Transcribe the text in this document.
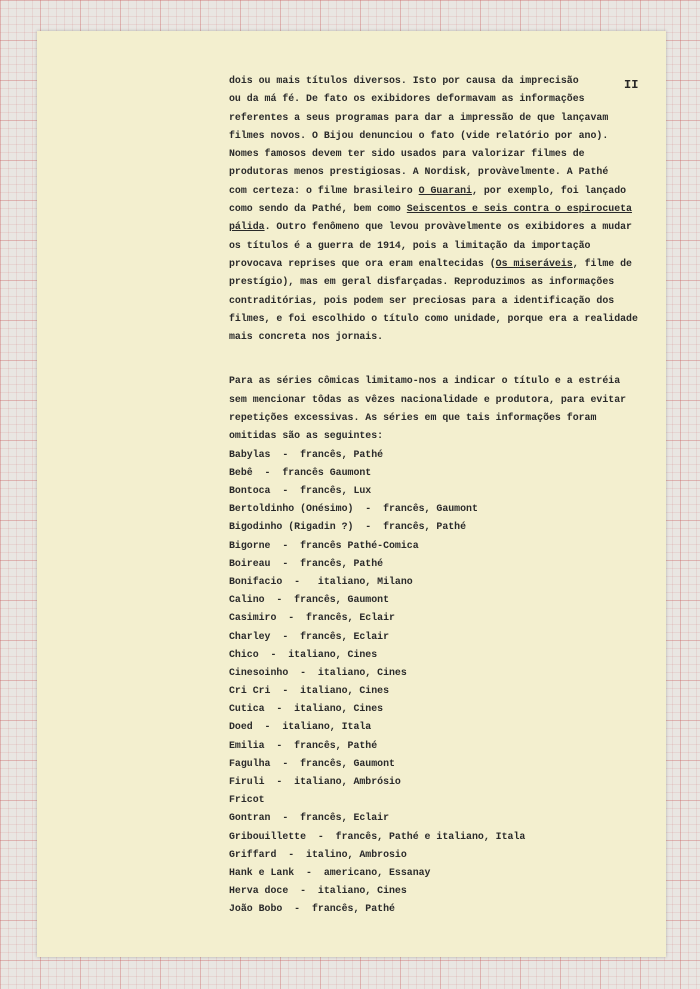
II
dois ou mais títulos diversos. Isto por causa da imprecisão
ou da má fé. De fato os exibidores deformavam as informações
referentes a seus programas para dar a impressão de que lançavam
filmes novos. O Bijou denunciou o fato (vide relatório por ano).
Nomes famosos devem ter sido usados para valorizar filmes de
produtoras menos prestigiosas. A Nordisk, provàvelmente. A Pathé
com certeza: o filme brasileiro O Guarani, por exemplo, foi lançado
como sendo da Pathé, bem como Seiscentos e seis contra o espirocueta
pálida. Outro fenômeno que levou provàvelmente os exibidores a mudar
os títulos é a guerra de 1914, pois a limitação da importação
provocava reprises que ora eram enaltecidas (Os miseráveis, filme de
prestígio), mas em geral disfarçadas. Reproduzimos as informações
contraditórias, pois podem ser preciosas para a identificação dos
filmes, e foi escolhido o título como unidade, porque era a realidade
mais concreta nos jornais.
Para as séries cômicas limitamo-nos a indicar o título e a estréia
sem mencionar tôdas as vêzes nacionalidade e produtora, para evitar
repetições excessivas. As séries em que tais informações foram
omitidas são as seguintes:
Babylas  -  francês, Pathé
Bebê  -  francês Gaumont
Bontoca  -  francês, Lux
Bertoldinho (Onésimo)  -  francês, Gaumont
Bigodinho (Rigadin ?)  -  francês, Pathé
Bigorne  -  francês Pathé-Comica
Boireau  -  francês, Pathé
Bonifacio  -   italiano, Milano
Calino  -  francês, Gaumont
Casimiro  -  francês, Eclair
Charley  -  francês, Eclair
Chico  -  italiano, Cines
Cinesoinho  -  italiano, Cines
Cri Cri  -  italiano, Cines
Cutica  -  italiano, Cines
Doed  -  italiano, Itala
Emilia  -  francês, Pathé
Fagulha  -  francês, Gaumont
Firuli  -  italiano, Ambrósio
Fricot
Gontran  -  francês, Eclair
Gribouillette  -  francês, Pathé e italiano, Itala
Griffard  -  italino, Ambrosio
Hank e Lank  -  americano, Essanay
Herva doce  -  italiano, Cines
João Bobo  -  francês, Pathé
